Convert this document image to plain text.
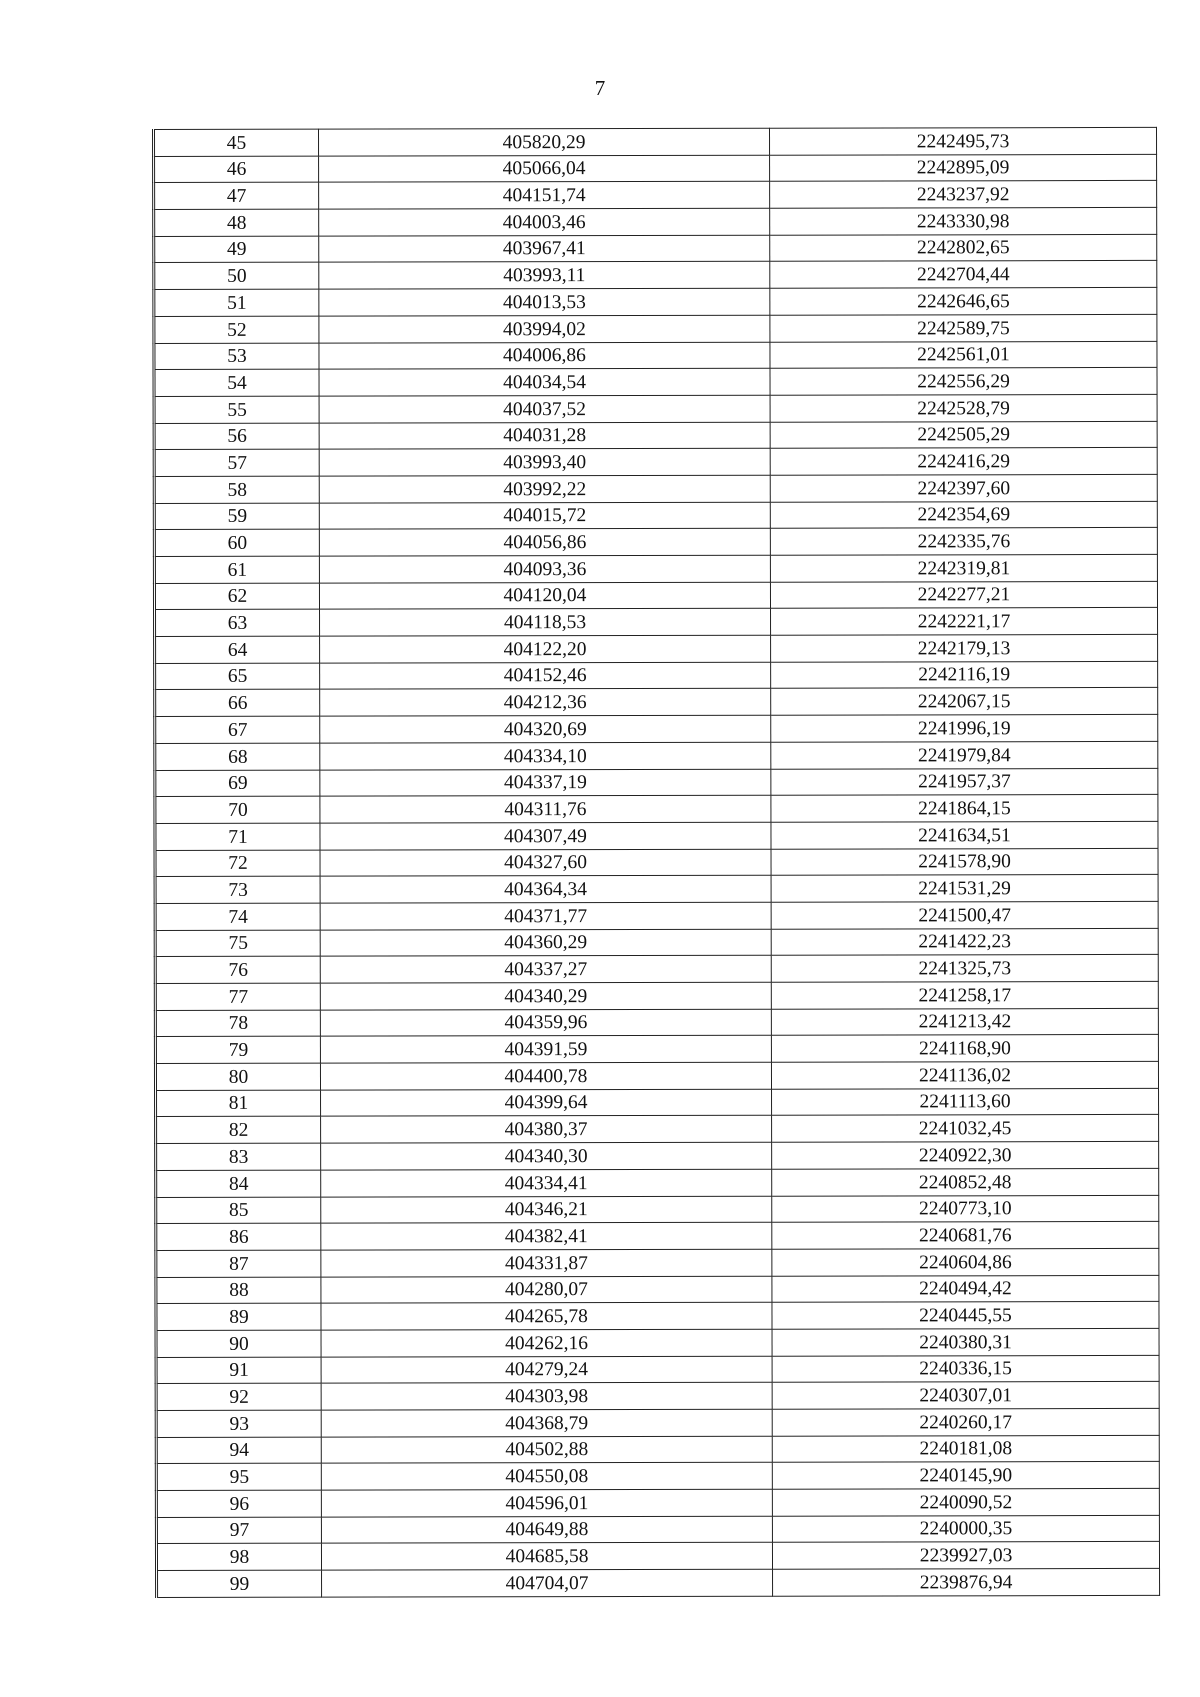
7
45	405820,29	2242495,73
46	405066,04	2242895,09
47	404151,74	2243237,92
48	404003,46	2243330,98
49	403967,41	2242802,65
50	403993,11	2242704,44
51	404013,53	2242646,65
52	403994,02	2242589,75
53	404006,86	2242561,01
54	404034,54	2242556,29
55	404037,52	2242528,79
56	404031,28	2242505,29
57	403993,40	2242416,29
58	403992,22	2242397,60
59	404015,72	2242354,69
60	404056,86	2242335,76
61	404093,36	2242319,81
62	404120,04	2242277,21
63	404118,53	2242221,17
64	404122,20	2242179,13
65	404152,46	2242116,19
66	404212,36	2242067,15
67	404320,69	2241996,19
68	404334,10	2241979,84
69	404337,19	2241957,37
70	404311,76	2241864,15
71	404307,49	2241634,51
72	404327,60	2241578,90
73	404364,34	2241531,29
74	404371,77	2241500,47
75	404360,29	2241422,23
76	404337,27	2241325,73
77	404340,29	2241258,17
78	404359,96	2241213,42
79	404391,59	2241168,90
80	404400,78	2241136,02
81	404399,64	2241113,60
82	404380,37	2241032,45
83	404340,30	2240922,30
84	404334,41	2240852,48
85	404346,21	2240773,10
86	404382,41	2240681,76
87	404331,87	2240604,86
88	404280,07	2240494,42
89	404265,78	2240445,55
90	404262,16	2240380,31
91	404279,24	2240336,15
92	404303,98	2240307,01
93	404368,79	2240260,17
94	404502,88	2240181,08
95	404550,08	2240145,90
96	404596,01	2240090,52
97	404649,88	2240000,35
98	404685,58	2239927,03
99	404704,07	2239876,94
